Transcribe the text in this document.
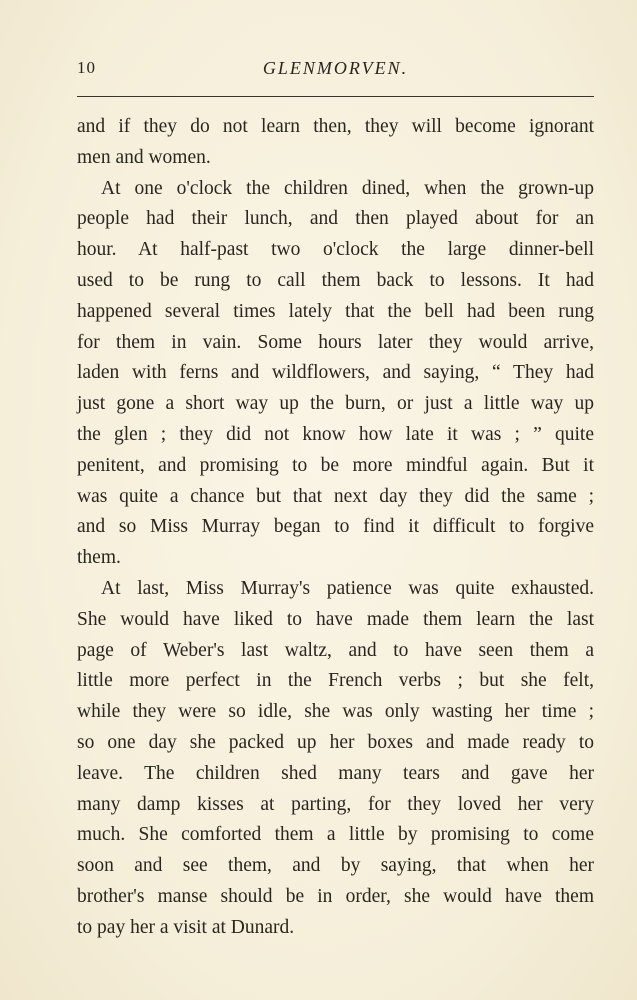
10	GLENMORVEN.

and if they do not learn then, they will become ignorant
men and women.

At one o'clock the children dined, when the grown-up
people had their lunch, and then played about for an
hour. At half-past two o'clock the large dinner-bell
used to be rung to call them back to lessons. It had
happened several times lately that the bell had been rung
for them in vain. Some hours later they would arrive,
laden with ferns and wildflowers, and saying, “ They had
just gone a short way up the burn, or just a little way up
the glen ; they did not know how late it was ; ” quite
penitent, and promising to be more mindful again. But it
was quite a chance but that next day they did the same ;
and so Miss Murray began to find it difficult to forgive
them.

At last, Miss Murray's patience was quite exhausted.
She would have liked to have made them learn the last
page of Weber's last waltz, and to have seen them a
little more perfect in the French verbs ; but she felt,
while they were so idle, she was only wasting her time ;
so one day she packed up her boxes and made ready to
leave. The children shed many tears and gave her
many damp kisses at parting, for they loved her very
much. She comforted them a little by promising to come
soon and see them, and by saying, that when her
brother's manse should be in order, she would have them
to pay her a visit at Dunard.
